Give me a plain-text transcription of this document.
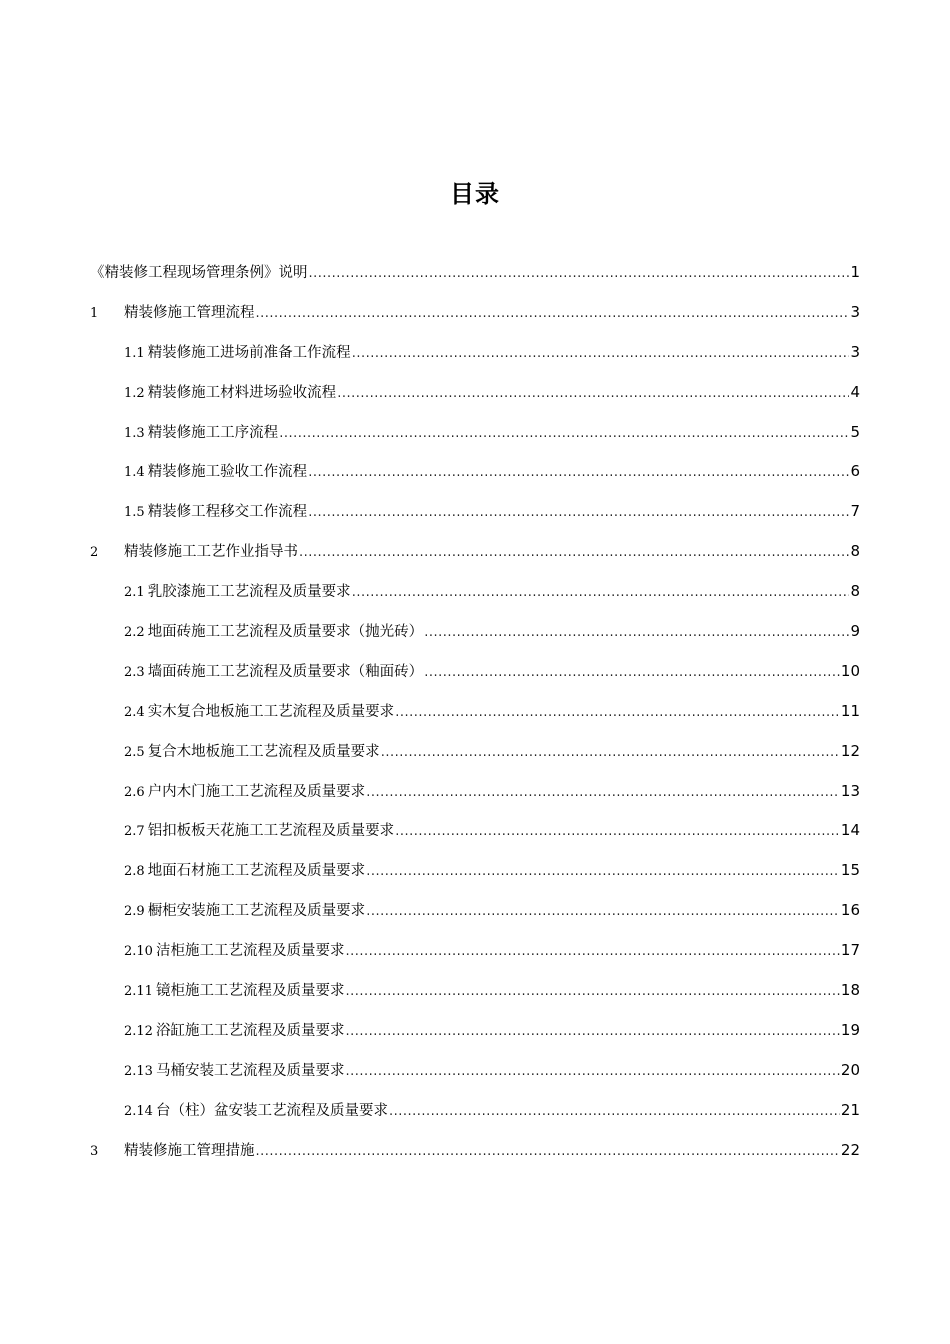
目录
《精装修工程现场管理条例》说明 .....	1
1	精装修施工管理流程 .....	3
1.1 精装修施工进场前准备工作流程 .....	3
1.2 精装修施工材料进场验收流程 .....	4
1.3 精装修施工工序流程 .....	5
1.4 精装修施工验收工作流程 .....	6
1.5 精装修工程移交工作流程 .....	7
2	精装修施工工艺作业指导书 .....	8
2.1 乳胶漆施工工艺流程及质量要求 .....	8
2.2 地面砖施工工艺流程及质量要求（抛光砖） .....	9
2.3 墙面砖施工工艺流程及质量要求（釉面砖） .....	10
2.4 实木复合地板施工工艺流程及质量要求 .....	11
2.5 复合木地板施工工艺流程及质量要求 .....	12
2.6 户内木门施工工艺流程及质量要求 .....	13
2.7 铝扣板板天花施工工艺流程及质量要求 .....	14
2.8 地面石材施工工艺流程及质量要求 .....	15
2.9 橱柜安装施工工艺流程及质量要求 .....	16
2.10 洁柜施工工艺流程及质量要求 .....	17
2.11 镜柜施工工艺流程及质量要求 .....	18
2.12 浴缸施工工艺流程及质量要求 .....	19
2.13 马桶安装工艺流程及质量要求 .....	20
2.14 台（柱）盆安装工艺流程及质量要求 .....	21
3	精装修施工管理措施 .....	22
